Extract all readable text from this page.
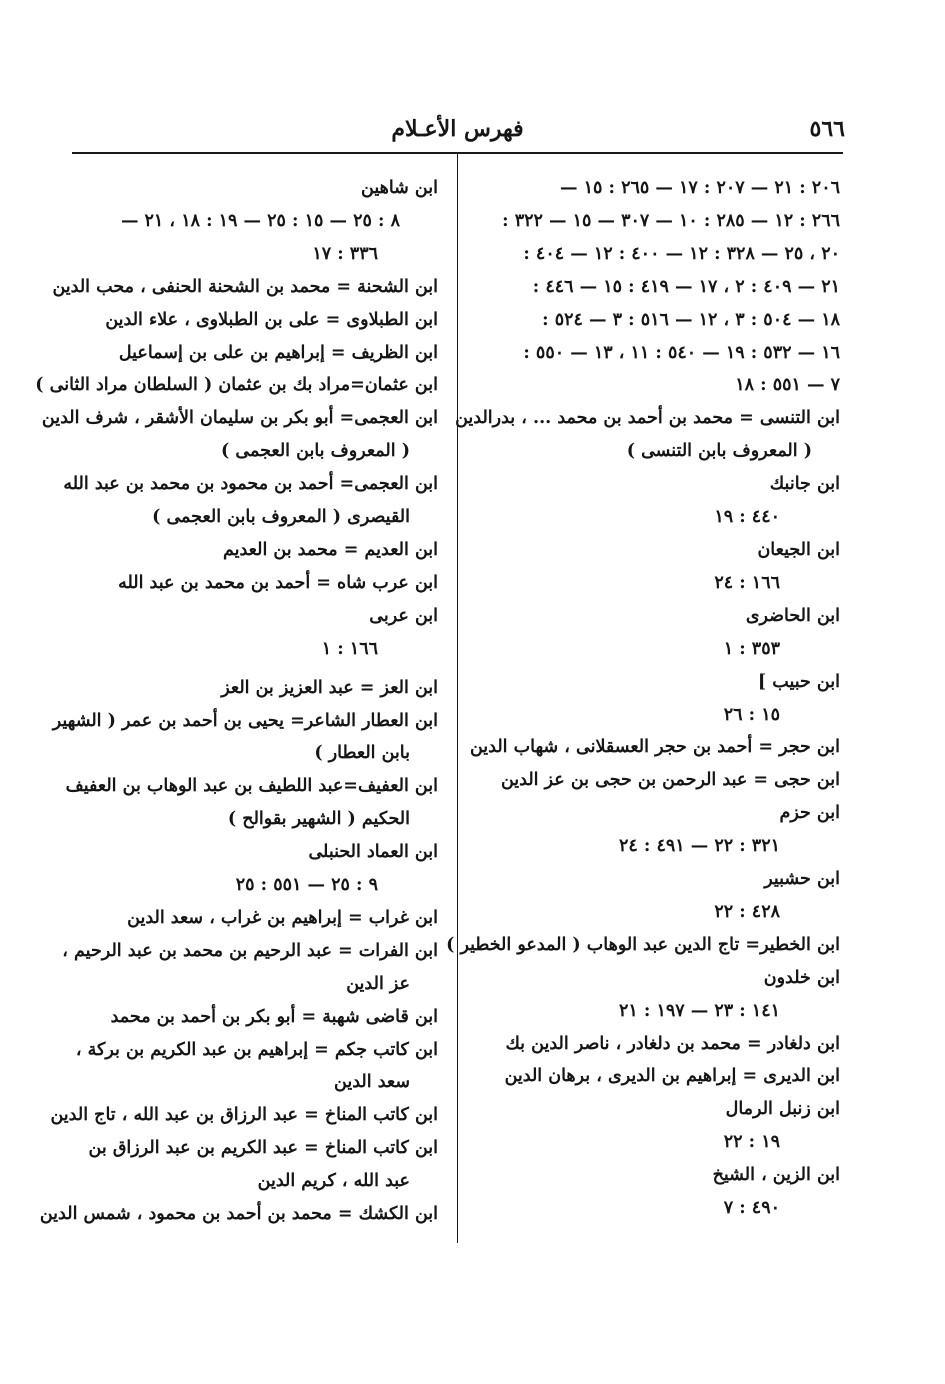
٥٦٦
فهرس الأعـلام
٢٠٦ : ٢١ — ٢٠٧ : ١٧ — ٢٦٥ : ١٥ —
٢٦٦ : ١٢ — ٢٨٥ : ١٠ — ٣٠٧ — ١٥ — ٣٢٢ :
٢٠ ، ٢٥ — ٣٢٨ : ١٢ — ٤٠٠ : ١٢ — ٤٠٤ :
٢١ — ٤٠٩ : ٢ ، ١٧ — ٤١٩ : ١٥ — ٤٤٦ :
١٨ — ٥٠٤ : ٣ ، ١٢ — ٥١٦ : ٣ — ٥٢٤ :
١٦ — ٥٣٢ : ١٩ — ٥٤٠ : ١١ ، ١٣ — ٥٥٠ :
٧ — ٥٥١ : ١٨
ابن التنسى = محمد بن أحمد بن محمد ... ، بدرالدين
( المعروف بابن التنسى )
ابن جانبك
٤٤٠ : ١٩
ابن الجيعان
١٦٦ : ٢٤
ابن الحاضرى
٣٥٣ : ١
ابن حبيب ]
١٥ : ٢٦
ابن حجر = أحمد بن حجر العسقلانى ، شهاب الدين
ابن حجى = عبد الرحمن بن حجى بن عز الدين
ابن حزم
٣٢١ : ٢٢ — ٤٩١ : ٢٤
ابن حشبير
٤٢٨ : ٢٢
ابن الخطير= تاج الدين عبد الوهاب ( المدعو الخطير )
ابن خلدون
١٤١ : ٢٣ — ١٩٧ : ٢١
ابن دلغادر = محمد بن دلغادر ، ناصر الدين بك
ابن الديرى = إبراهيم بن الديرى ، برهان الدين
ابن زنبل الرمال
١٩ : ٢٢
ابن الزين ، الشيخ
٤٩٠ : ٧
ابن شاهين
٨ : ٢٥ — ١٥ : ٢٥ — ١٩ : ١٨ ، ٢١ —
٣٣٦ : ١٧
ابن الشحنة = محمد بن الشحنة الحنفى ، محب الدين
ابن الطبلاوى = على بن الطبلاوى ، علاء الدين
ابن الظريف = إبراهيم بن على بن إسماعيل
ابن عثمان=مراد بك بن عثمان ( السلطان مراد الثانى )
ابن العجمى= أبو بكر بن سليمان الأشقر ، شرف الدين
( المعروف بابن العجمى )
ابن العجمى= أحمد بن محمود بن محمد بن عبد الله
القيصرى ( المعروف بابن العجمى )
ابن العديم = محمد بن العديم
ابن عرب شاه = أحمد بن محمد بن عبد الله
ابن عربى
١٦٦ : ١
ابن العز = عبد العزيز بن العز
ابن العطار الشاعر= يحيى بن أحمد بن عمر ( الشهير
بابن العطار )
ابن العفيف=عبد اللطيف بن عبد الوهاب بن العفيف
الحكيم ( الشهير بقوالح )
ابن العماد الحنبلى
٩ : ٢٥ — ٥٥١ : ٢٥
ابن غراب = إبراهيم بن غراب ، سعد الدين
ابن الفرات = عبد الرحيم بن محمد بن عبد الرحيم ،
عز الدين
ابن قاضى شهبة = أبو بكر بن أحمد بن محمد
ابن كاتب جكم = إبراهيم بن عبد الكريم بن بركة ،
سعد الدين
ابن كاتب المناخ = عبد الرزاق بن عبد الله ، تاج الدين
ابن كاتب المناخ = عبد الكريم بن عبد الرزاق بن
عبد الله ، كريم الدين
ابن الكشك = محمد بن أحمد بن محمود ، شمس الدين
